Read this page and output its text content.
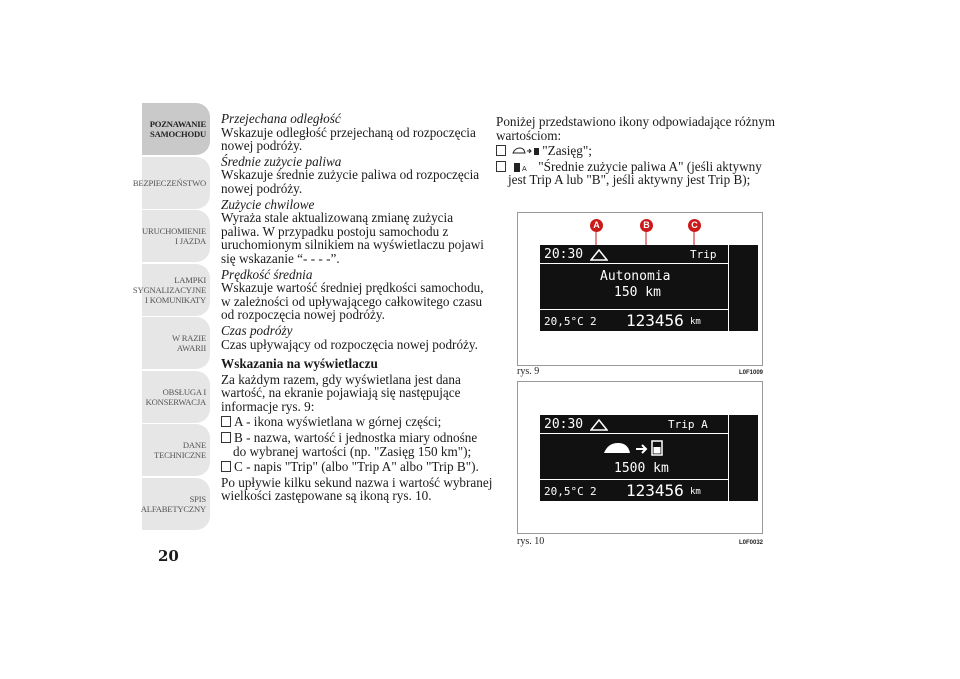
POZNAWANIE SAMOCHODU
BEZPIECZEŃSTWO
URUCHOMIENIE I JAZDA
LAMPKI SYGNALIZACYJNE I KOMUNIKATY
W RAZIE AWARII
OBSŁUGA I KONSERWACJA
DANE TECHNICZNE
SPIS ALFABETYCZNY
20

Przejechana odległość

Wskazuje odległość przejechaną od rozpoczęcia nowej podróży.

Średnie zużycie paliwa

Wskazuje średnie zużycie paliwa od rozpoczęcia nowej podróży.

Zużycie chwilowe

Wyraża stale aktualizowaną zmianę zużycia paliwa. W przypadku postoju samochodu z uruchomionym silnikiem na wyświetlaczu pojawi się wskazanie “- - - -”.

Prędkość średnia

Wskazuje wartość średniej prędkości samochodu, w zależności od upływającego całkowitego czasu od rozpoczęcia nowej podróży.

Czas podróży

Czas upływający od rozpoczęcia nowej podróży.

Wskazania na wyświetlaczu

Za każdym razem, gdy wyświetlana jest dana wartość, na ekranie pojawiają się następujące informacje rys. 9:

A - ikona wyświetlana w górnej części;

B - nazwa, wartość i jednostka miary odnośne do wybranej wartości (np. "Zasięg 150 km");

C - napis "Trip" (albo "Trip A" albo "Trip B").

Po upływie kilku sekund nazwa i wartość wybranej wielkości zastępowane są ikoną rys. 10.

Poniżej przedstawiono ikony odpowiadające różnym wartościom:

"Zasięg";

A "Średnie zużycie paliwa A" (jeśli aktywny jest Trip A lub "B", jeśli aktywny jest Trip B);

A	B	C
20:30	Trip
Autonomia
150 km
20,5°C 2 123456 km
rys. 9	L0F1009
20:30	Trip A
1500 km
20,5°C 2 123456 km
rys. 10	L0F0032
